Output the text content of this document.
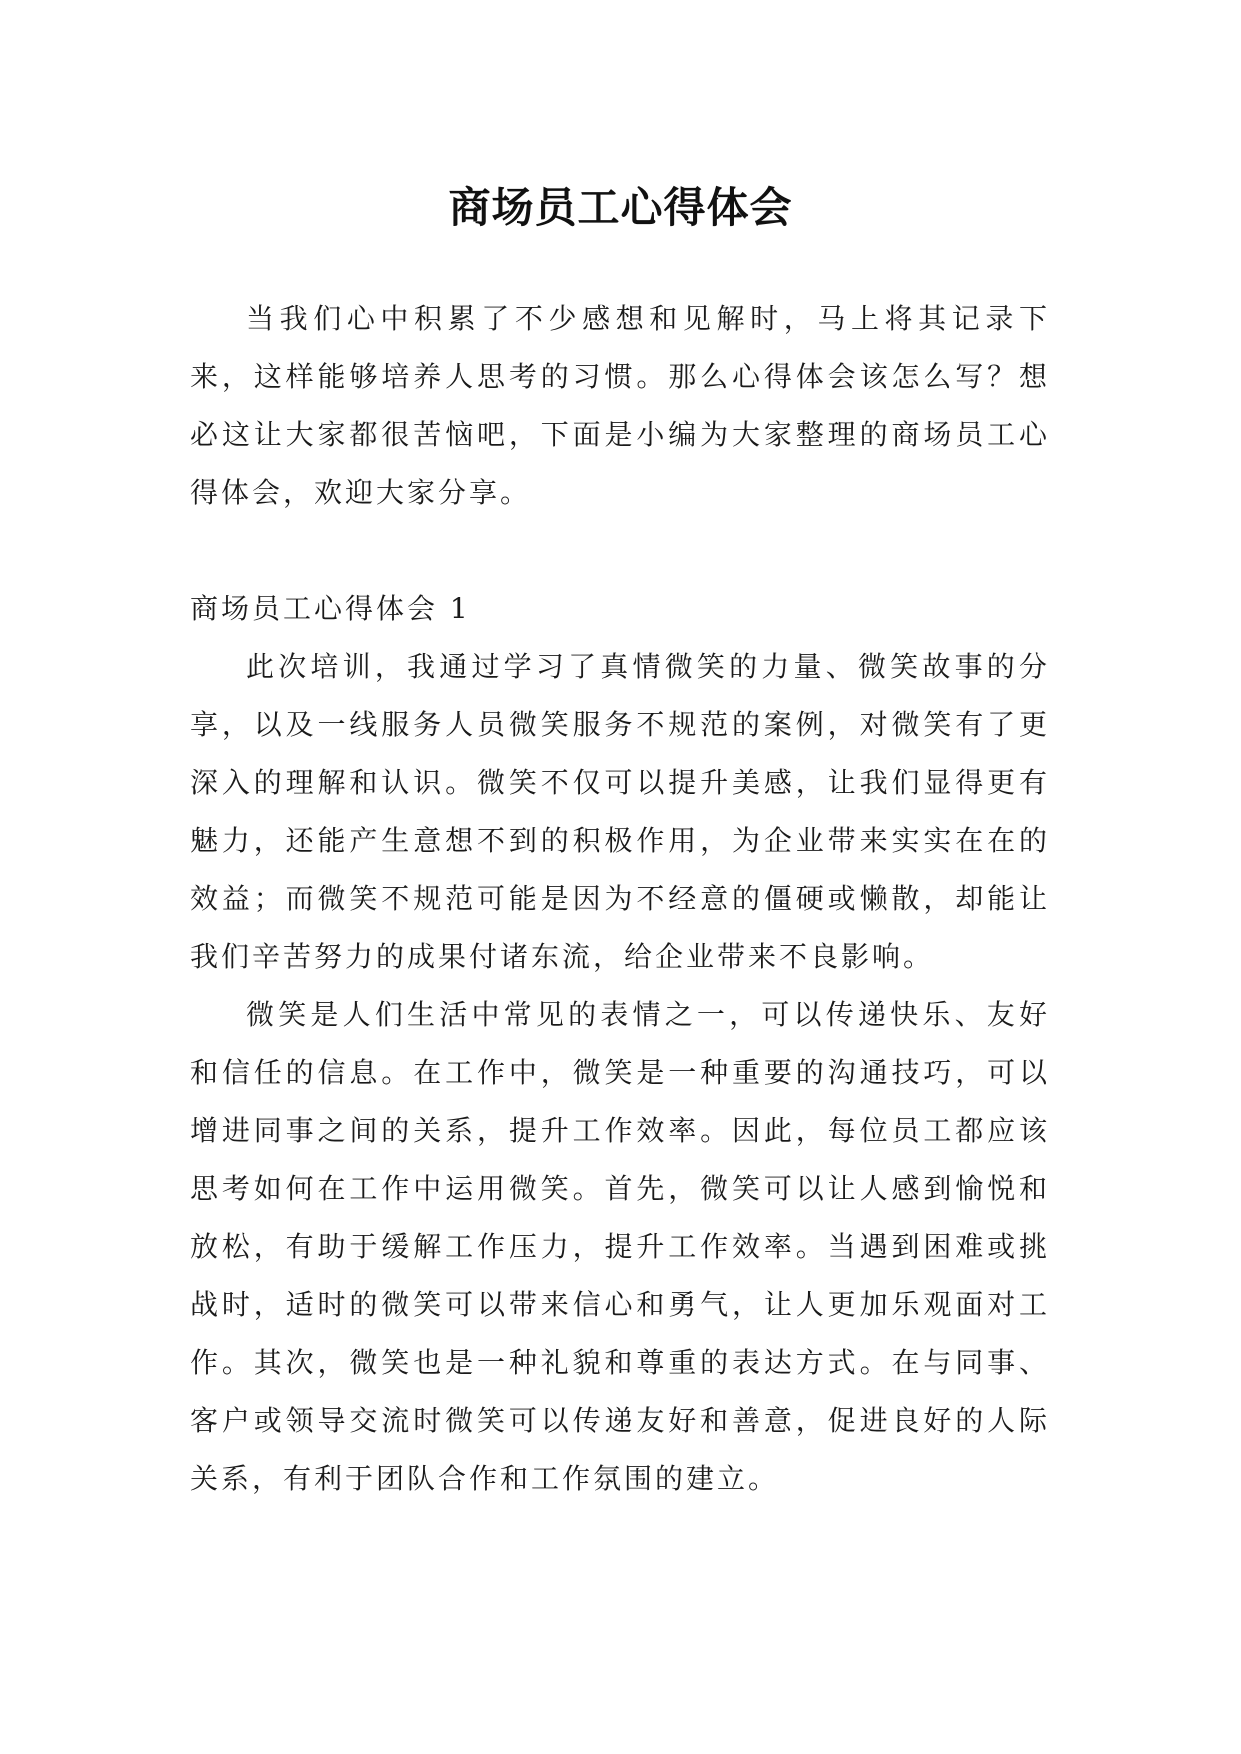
商场员工心得体会

当我们心中积累了不少感想和见解时，马上将其记录下来，这样能够培养人思考的习惯。那么心得体会该怎么写？想必这让大家都很苦恼吧，下面是小编为大家整理的商场员工心得体会，欢迎大家分享。

商场员工心得体会 1

此次培训，我通过学习了真情微笑的力量、微笑故事的分享，以及一线服务人员微笑服务不规范的案例，对微笑有了更深入的理解和认识。微笑不仅可以提升美感，让我们显得更有魅力，还能产生意想不到的积极作用，为企业带来实实在在的效益；而微笑不规范可能是因为不经意的僵硬或懒散，却能让我们辛苦努力的成果付诸东流，给企业带来不良影响。

微笑是人们生活中常见的表情之一，可以传递快乐、友好和信任的信息。在工作中，微笑是一种重要的沟通技巧，可以增进同事之间的关系，提升工作效率。因此，每位员工都应该思考如何在工作中运用微笑。首先，微笑可以让人感到愉悦和放松，有助于缓解工作压力，提升工作效率。当遇到困难或挑战时，适时的微笑可以带来信心和勇气，让人更加乐观面对工作。其次，微笑也是一种礼貌和尊重的表达方式。在与同事、客户或领导交流时微笑可以传递友好和善意，促进良好的人际关系，有利于团队合作和工作氛围的建立。
